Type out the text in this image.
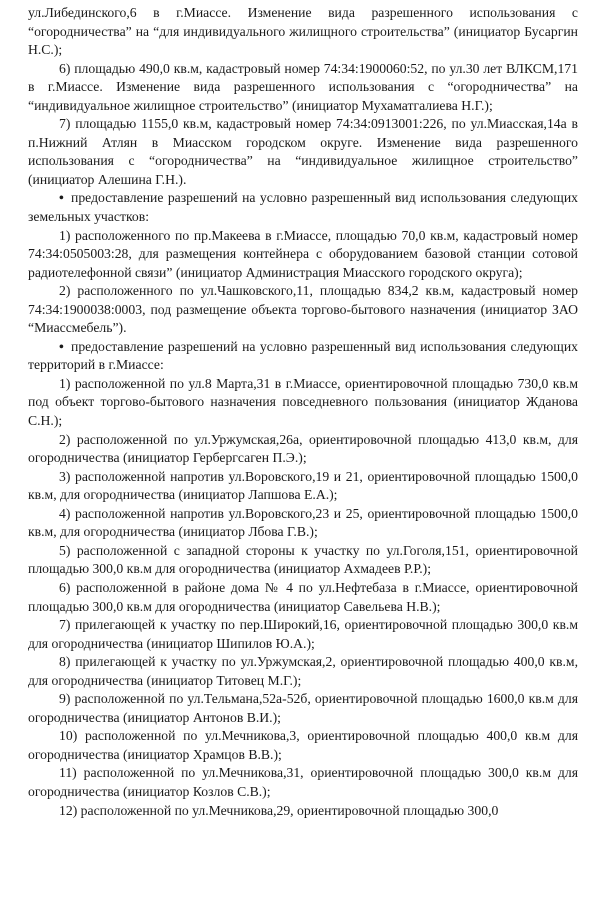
ул.Либединского,6 в г.Миассе. Изменение вида разрешенного использования с “огородничества” на “для индивидуального жилищного строительства” (инициатор Бусаргин Н.С.);

6) площадью 490,0 кв.м, кадастровый номер 74:34:1900060:52, по ул.30 лет ВЛКСМ,171 в г.Миассе. Изменение вида разрешенного использования с “огородничества” на “индивидуальное жилищное строительство” (инициатор Мухаматгалиева Н.Г.);

7) площадью 1155,0 кв.м, кадастровый номер 74:34:0913001:226, по ул.Миасская,14а в п.Нижний Атлян в Миасском городском округе. Изменение вида разрешенного использования с “огородничества” на “индивидуальное жилищное строительство” (инициатор Алешина Г.Н.).

• предоставление разрешений на условно разрешенный вид использования следующих земельных участков:

1) расположенного по пр.Макеева в г.Миассе, площадью 70,0 кв.м, кадастровый номер 74:34:0505003:28, для размещения контейнера с оборудованием базовой станции сотовой радиотелефонной связи” (инициатор Администрация Миасского городского округа);

2) расположенного по ул.Чашковского,11, площадью 834,2 кв.м, кадастровый номер 74:34:1900038:0003, под размещение объекта торгово-бытового назначения (инициатор ЗАО “Миассмебель”).

• предоставление разрешений на условно разрешенный вид использования следующих территорий в г.Миассе:

1) расположенной по ул.8 Марта,31 в г.Миассе, ориентировочной площадью 730,0 кв.м под объект торгово-бытового назначения повседневного пользования (инициатор Жданова С.Н.);

2) расположенной по ул.Уржумская,26а, ориентировочной площадью 413,0 кв.м, для огородничества (инициатор Гербергсаген П.Э.);

3) расположенной напротив ул.Воровского,19 и 21, ориентировочной площадью 1500,0 кв.м, для огородничества (инициатор Лапшова Е.А.);

4) расположенной напротив ул.Воровского,23 и 25, ориентировочной площадью 1500,0 кв.м, для огородничества (инициатор Лбова Г.В.);

5) расположенной с западной стороны к участку по ул.Гоголя,151, ориентировочной площадью 300,0 кв.м для огородничества (инициатор Ахмадеев Р.Р.);

6) расположенной в районе дома № 4 по ул.Нефтебаза в г.Миассе, ориентировочной площадью 300,0 кв.м для огородничества (инициатор Савельева Н.В.);

7) прилегающей к участку по пер.Широкий,16, ориентировочной площадью 300,0 кв.м для огородничества (инициатор Шипилов Ю.А.);

8) прилегающей к участку по ул.Уржумская,2, ориентировочной площадью 400,0 кв.м, для огородничества (инициатор Титовец М.Г.);

9) расположенной по ул.Тельмана,52а-52б, ориентировочной площадью 1600,0 кв.м для огородничества (инициатор Антонов В.И.);

10) расположенной по ул.Мечникова,3, ориентировочной площадью 400,0 кв.м для огородничества (инициатор Храмцов В.В.);

11) расположенной по ул.Мечникова,31, ориентировочной площадью 300,0 кв.м для огородничества (инициатор Козлов С.В.);

12) расположенной по ул.Мечникова,29, ориентировочной площадью 300,0
